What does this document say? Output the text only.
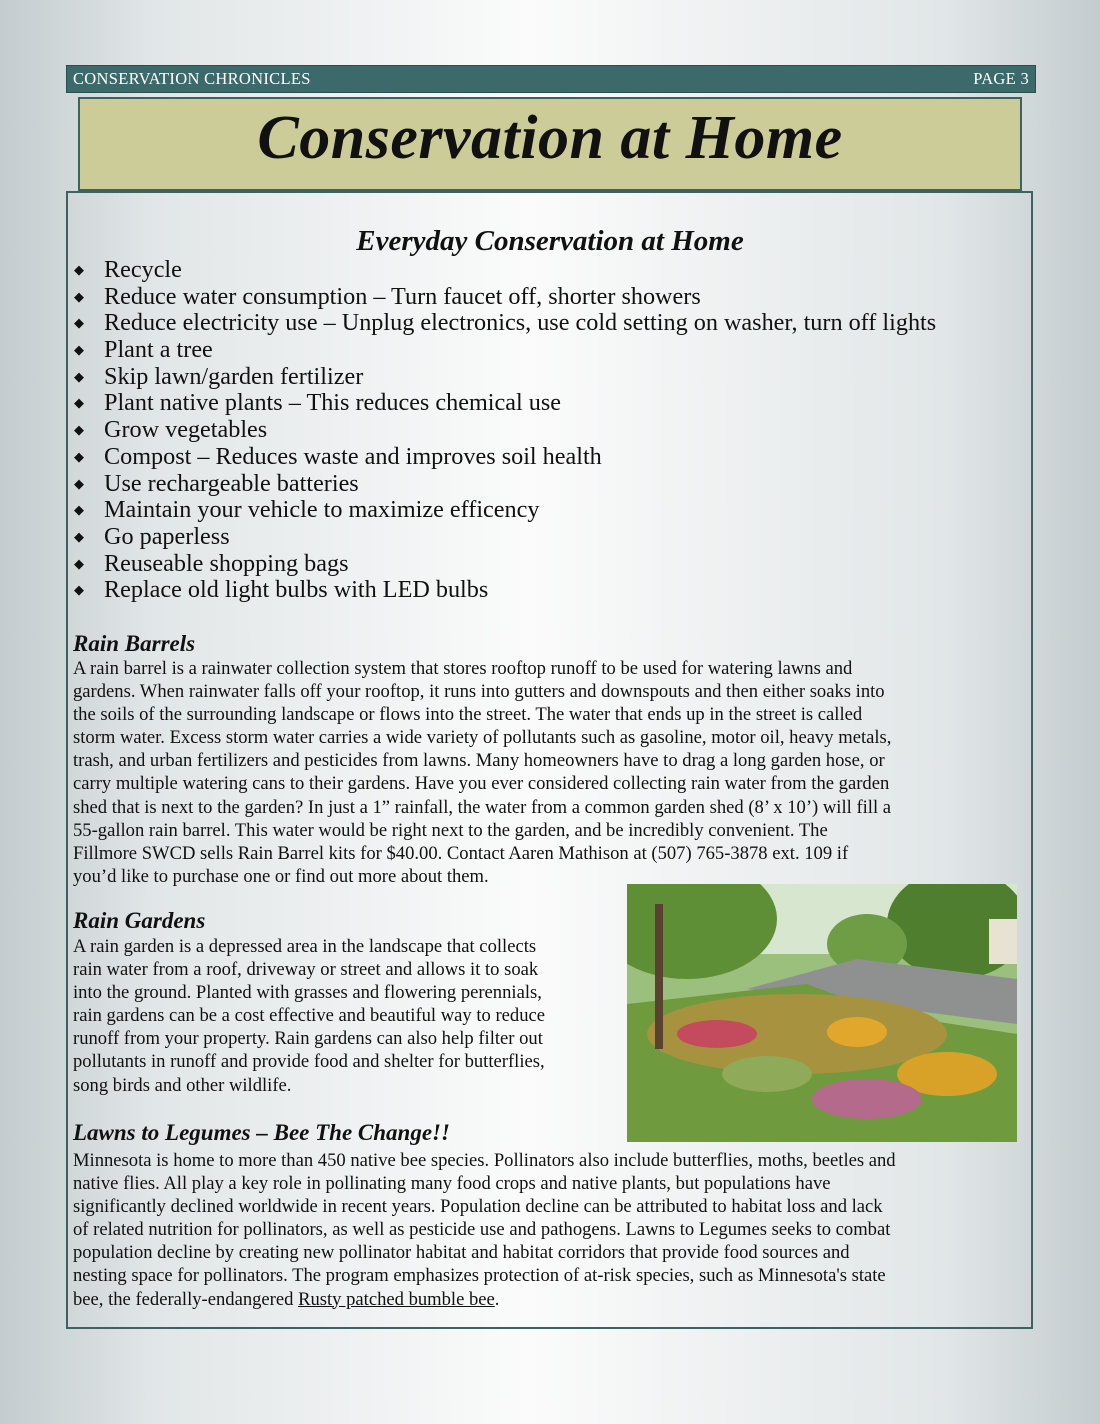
CONSERVATION CHRONICLES	PAGE 3
Conservation at Home
Everyday Conservation at Home
◆ Recycle
◆ Reduce water consumption – Turn faucet off, shorter showers
◆ Reduce electricity use – Unplug electronics, use cold setting on washer, turn off lights
◆ Plant a tree
◆ Skip lawn/garden fertilizer
◆ Plant native plants – This reduces chemical use
◆ Grow vegetables
◆ Compost – Reduces waste and improves soil health
◆ Use rechargeable batteries
◆ Maintain your vehicle to maximize efficency
◆ Go paperless
◆ Reuseable shopping bags
◆ Replace old light bulbs with LED bulbs
Rain Barrels

A rain barrel is a rainwater collection system that stores rooftop runoff to be used for watering lawns and
gardens. When rainwater falls off your rooftop, it runs into gutters and downspouts and then either soaks into
the soils of the surrounding landscape or flows into the street. The water that ends up in the street is called
storm water. Excess storm water carries a wide variety of pollutants such as gasoline, motor oil, heavy metals,
trash, and urban fertilizers and pesticides from lawns. Many homeowners have to drag a long garden hose, or
carry multiple watering cans to their gardens. Have you ever considered collecting rain water from the garden
shed that is next to the garden? In just a 1” rainfall, the water from a common garden shed (8’ x 10’) will fill a
55-gallon rain barrel. This water would be right next to the garden, and be incredibly convenient. The
Fillmore SWCD sells Rain Barrel kits for $40.00. Contact Aaren Mathison at (507) 765-3878 ext. 109 if
you’d like to purchase one or find out more about them.

Rain Gardens

A rain garden is a depressed area in the landscape that collects
rain water from a roof, driveway or street and allows it to soak
into the ground. Planted with grasses and flowering perennials,
rain gardens can be a cost effective and beautiful way to reduce
runoff from your property. Rain gardens can also help filter out
pollutants in runoff and provide food and shelter for butterflies,
song birds and other wildlife.

Lawns to Legumes – Bee The Change!!

Minnesota is home to more than 450 native bee species. Pollinators also include butterflies, moths, beetles and
native flies. All play a key role in pollinating many food crops and native plants, but populations have
significantly declined worldwide in recent years. Population decline can be attributed to habitat loss and lack
of related nutrition for pollinators, as well as pesticide use and pathogens. Lawns to Legumes seeks to combat
population decline by creating new pollinator habitat and habitat corridors that provide food sources and
nesting space for pollinators. The program emphasizes protection of at-risk species, such as Minnesota's state
bee, the federally-endangered Rusty patched bumble bee.
